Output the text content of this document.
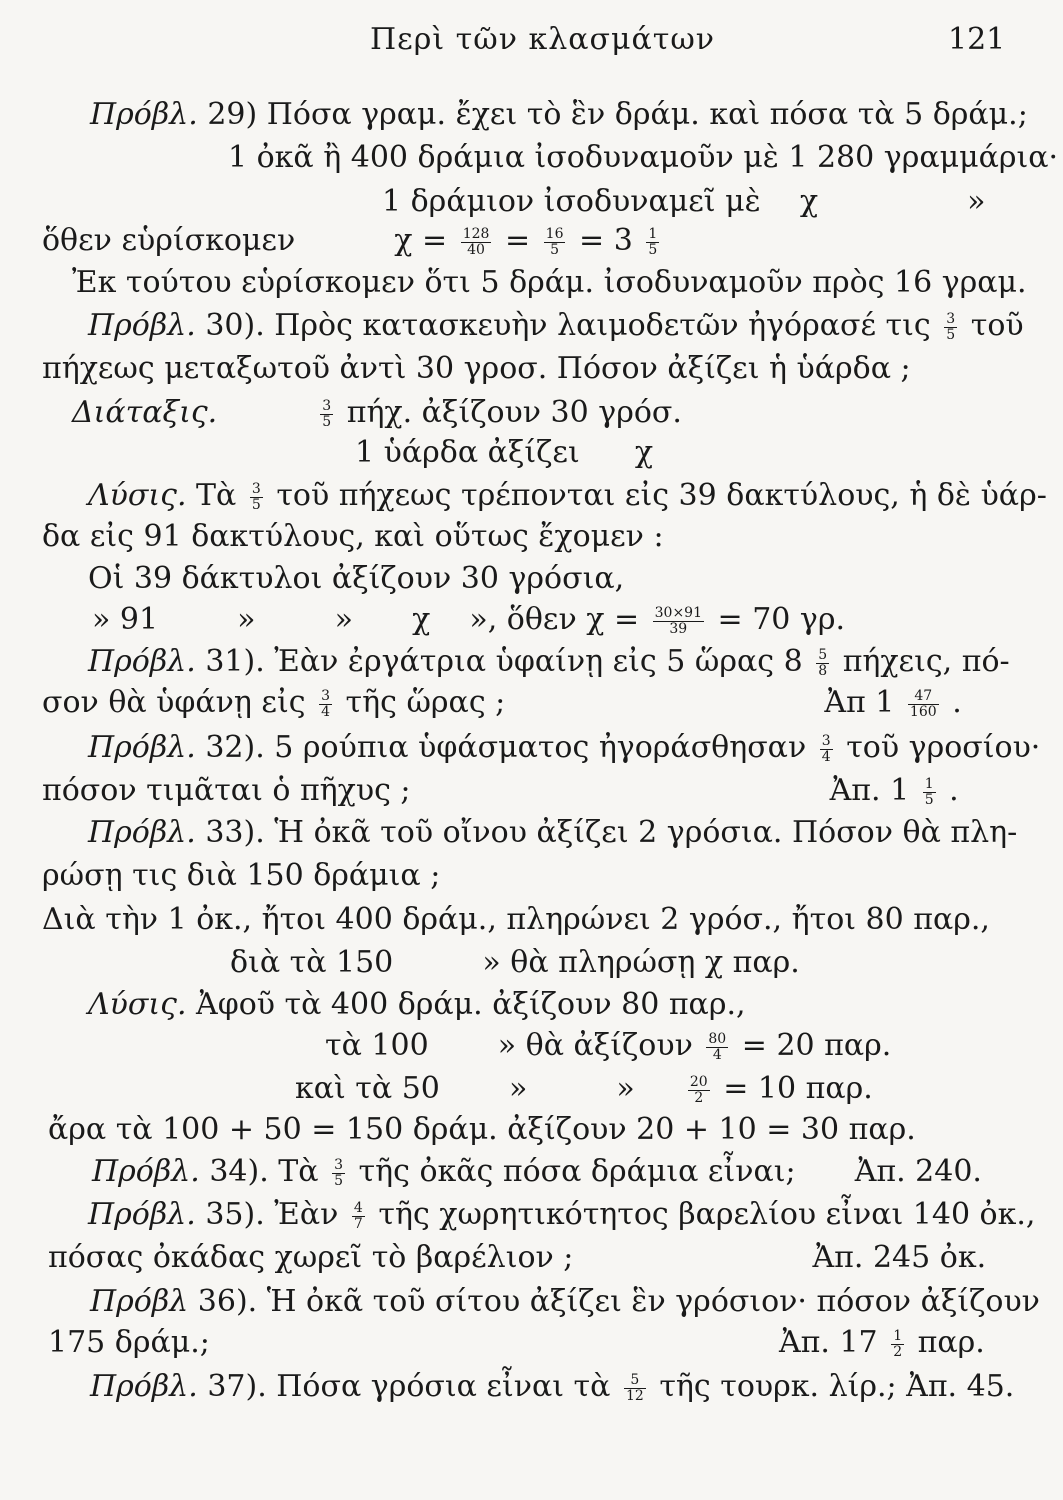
Περὶ τῶν κλασμάτων	121
Πρόβλ. 29) Πόσα γραμ. ἔχει τὸ ἓν δράμ. καὶ πόσα τὰ 5 δράμ.;
1 ὀκᾶ ἢ 400 δράμια ἰσοδυναμοῦν μὲ 1 280 γραμμάρια·
1 δράμιον ἰσοδυναμεῖ μὲ χ	»
ὅθεν εὑρίσκομεν	$\chi = \frac{128}{40} = \frac{16}{5} = 3 \frac{1}{5}$
Ἐκ τούτου εὑρίσκομεν ὅτι 5 δράμ. ἰσοδυναμοῦν πρὸς 16 γραμ.
Πρόβλ. 30). Πρὸς κατασκευὴν λαιμοδετῶν ἠγόρασέ τις $\frac{3}{5}$ τοῦ
πήχεως μεταξωτοῦ ἀντὶ 30 γροσ. Πόσον ἀξίζει ἡ ὑάρδα ;
Διάταξις.	$\frac{3}{5} \pi ή\chi$. ἀξίζουν 30 γρόσ.
1 ὑάρδα ἀξίζει χ
Λύσις. Τὰ $\frac{3}{5}$ τοῦ πήχεως τρέπονται εἰς 39 δακτύλους, ἡ δὲ ὑάρ-
δα εἰς 91 δακτύλους, καὶ οὕτως ἔχομεν :
Οἱ 39 δάκτυλοι ἀξίζουν 30 γρόσια,
» 91	»	» χ », ὅθεν $\chi = \frac{30\times 91}{39} = 70$ γρ.
Πρόβλ. 31). Ἐὰν ἐργάτρια ὑφαίνῃ εἰς 5 ὥρας $8 \frac{5}{8} \pi ή\chi\varepsilon\iota\varsigma$, πό-
σον θὰ ὑφάνῃ εἰς $\frac{3}{4}$ τῆς ὥρας ;	Ἀπ $1 \frac{47}{160}$ .
Πρόβλ. 32). 5 ρούπια ὑφάσματος ἠγοράσθησαν $\frac{3}{4}$ τοῦ γροσίου·
πόσον τιμᾶται ὁ πῆχυς ;	Ἀπ. $1 \frac{1}{5}$ .
Πρόβλ. 33). Ἡ ὀκᾶ τοῦ οἴνου ἀξίζει 2 γρόσια. Πόσον θὰ πλη-
ρώσῃ τις διὰ 150 δράμια ;
Διὰ τὴν 1 ὀκ., ἤτοι 400 δράμ., πληρώνει 2 γρόσ., ἤτοι 80 παρ.,
διὰ τὰ 150	» θὰ πληρώσῃ χ παρ.
Λύσις. Ἀφοῦ τὰ 400 δράμ. ἀξίζουν 80 παρ.,
τὰ 100 » θὰ ἀξίζουν $\frac{80}{4} = 20$ παρ.
καὶ τὰ 50 »	»	$\frac{20}{2} = 10$ παρ.
ἄρα τὰ 100 + 50 = 150 δράμ. ἀξίζουν 20 + 10 = 30 παρ.
Πρόβλ. 34). Τὰ $\frac{3}{5}$ τῆς ὀκᾶς πόσα δράμια εἶναι; Ἀπ. 240.
Πρόβλ. 35). Ἐὰν $\frac{4}{7}$ τῆς χωρητικότητος βαρελίου εἶναι 140 ὀκ.,
πόσας ὀκάδας χωρεῖ τὸ βαρέλιον ;	Ἀπ. 245 ὀκ.
Πρόβλ 36). Ἡ ὀκᾶ τοῦ σίτου ἀξίζει ἓν γρόσιον· πόσον ἀξίζουν
175 δράμ.;	Ἀπ. $17 \frac{1}{2} \pi\alpha\rho$.
Πρόβλ. 37). Πόσα γρόσια εἶναι τὰ $\frac{5}{12}$ τῆς τουρκ. λίρ.; Ἀπ. 45.
